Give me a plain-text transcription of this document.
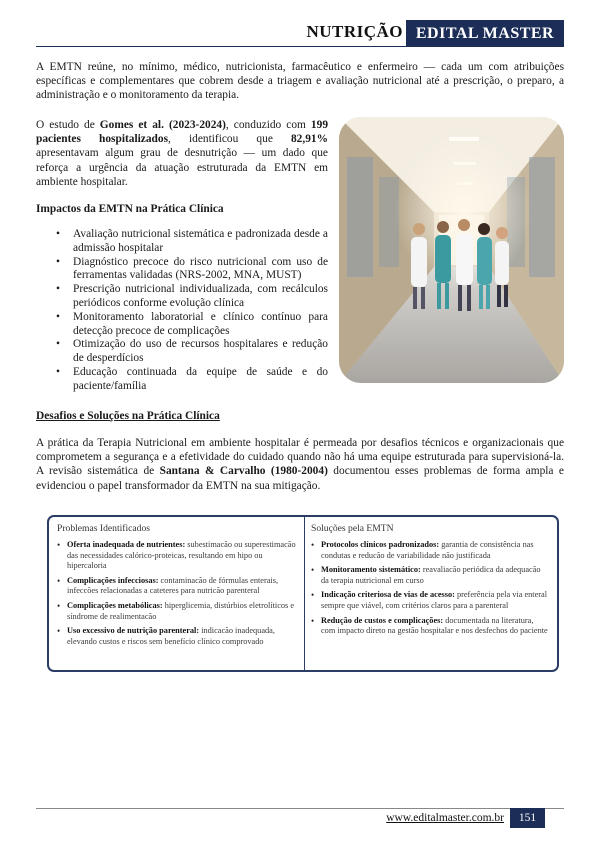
NUTRIÇÃO EDITAL MASTER

A EMTN reúne, no mínimo, médico, nutricionista, farmacêutico e enfermeiro — cada um com atribuições específicas e complementares que cobrem desde a triagem e avaliação nutricional até a prescrição, o preparo, a administração e o monitoramento da terapia.

O estudo de Gomes et al. (2023-2024), conduzido com 199 pacientes hospitalizados, identificou que 82,91% apresentavam algum grau de desnutrição — um dado que reforça a urgência da atuação estruturada da EMTN em ambiente hospitalar.

Impactos da EMTN na Prática Clínica
• Avaliação nutricional sistemática e padronizada desde a admissão hospitalar
• Diagnóstico precoce do risco nutricional com uso de ferramentas validadas (NRS-2002, MNA, MUST)
• Prescrição nutricional individualizada, com recálculos periódicos conforme evolução clínica
• Monitoramento laboratorial e clínico contínuo para detecção precoce de complicações
• Otimização do uso de recursos hospitalares e redução de desperdícios
• Educação continuada da equipe de saúde e do paciente/família
Desafios e Soluções na Prática Clínica

A prática da Terapia Nutricional em ambiente hospitalar é permeada por desafios técnicos e organizacionais que comprometem a segurança e a efetividade do cuidado quando não há uma equipe estruturada para supervisioná-la. A revisão sistemática de Santana & Carvalho (1980-2004) documentou esses problemas de forma ampla e evidenciou o papel transformador da EMTN na sua mitigação.

Problemas Identificados
• Oferta inadequada de nutrientes: subestimacão ou superestimacão das necessidades calórico-proteicas, resultando em hipo ou hipercaloria
• Complicações infecciosas: contaminacão de fórmulas enterais, infeccões relacionadas a cateteres para nutricão parenteral
• Complicações metabólicas: hiperglicemia, distúrbios eletrolíticos e síndrome de realimentacão
• Uso excessivo de nutrição parenteral: indicacão inadequada, elevando custos e riscos sem benefício clínico comprovado
Soluções pela EMTN
• Protocolos clínicos padronizados: garantia de consistência nas condutas e reducão de variabilidade não justificada
• Monitoramento sistemático: reavaliacão periódica da adequacão da terapia nutricional em curso
• Indicação criteriosa de vias de acesso: preferência pela via enteral sempre que viável, com critérios claros para a parenteral
• Redução de custos e complicações: documentada na literatura, com impacto direto na gestão hospitalar e nos desfechos do paciente
www.editalmaster.com.br	151
